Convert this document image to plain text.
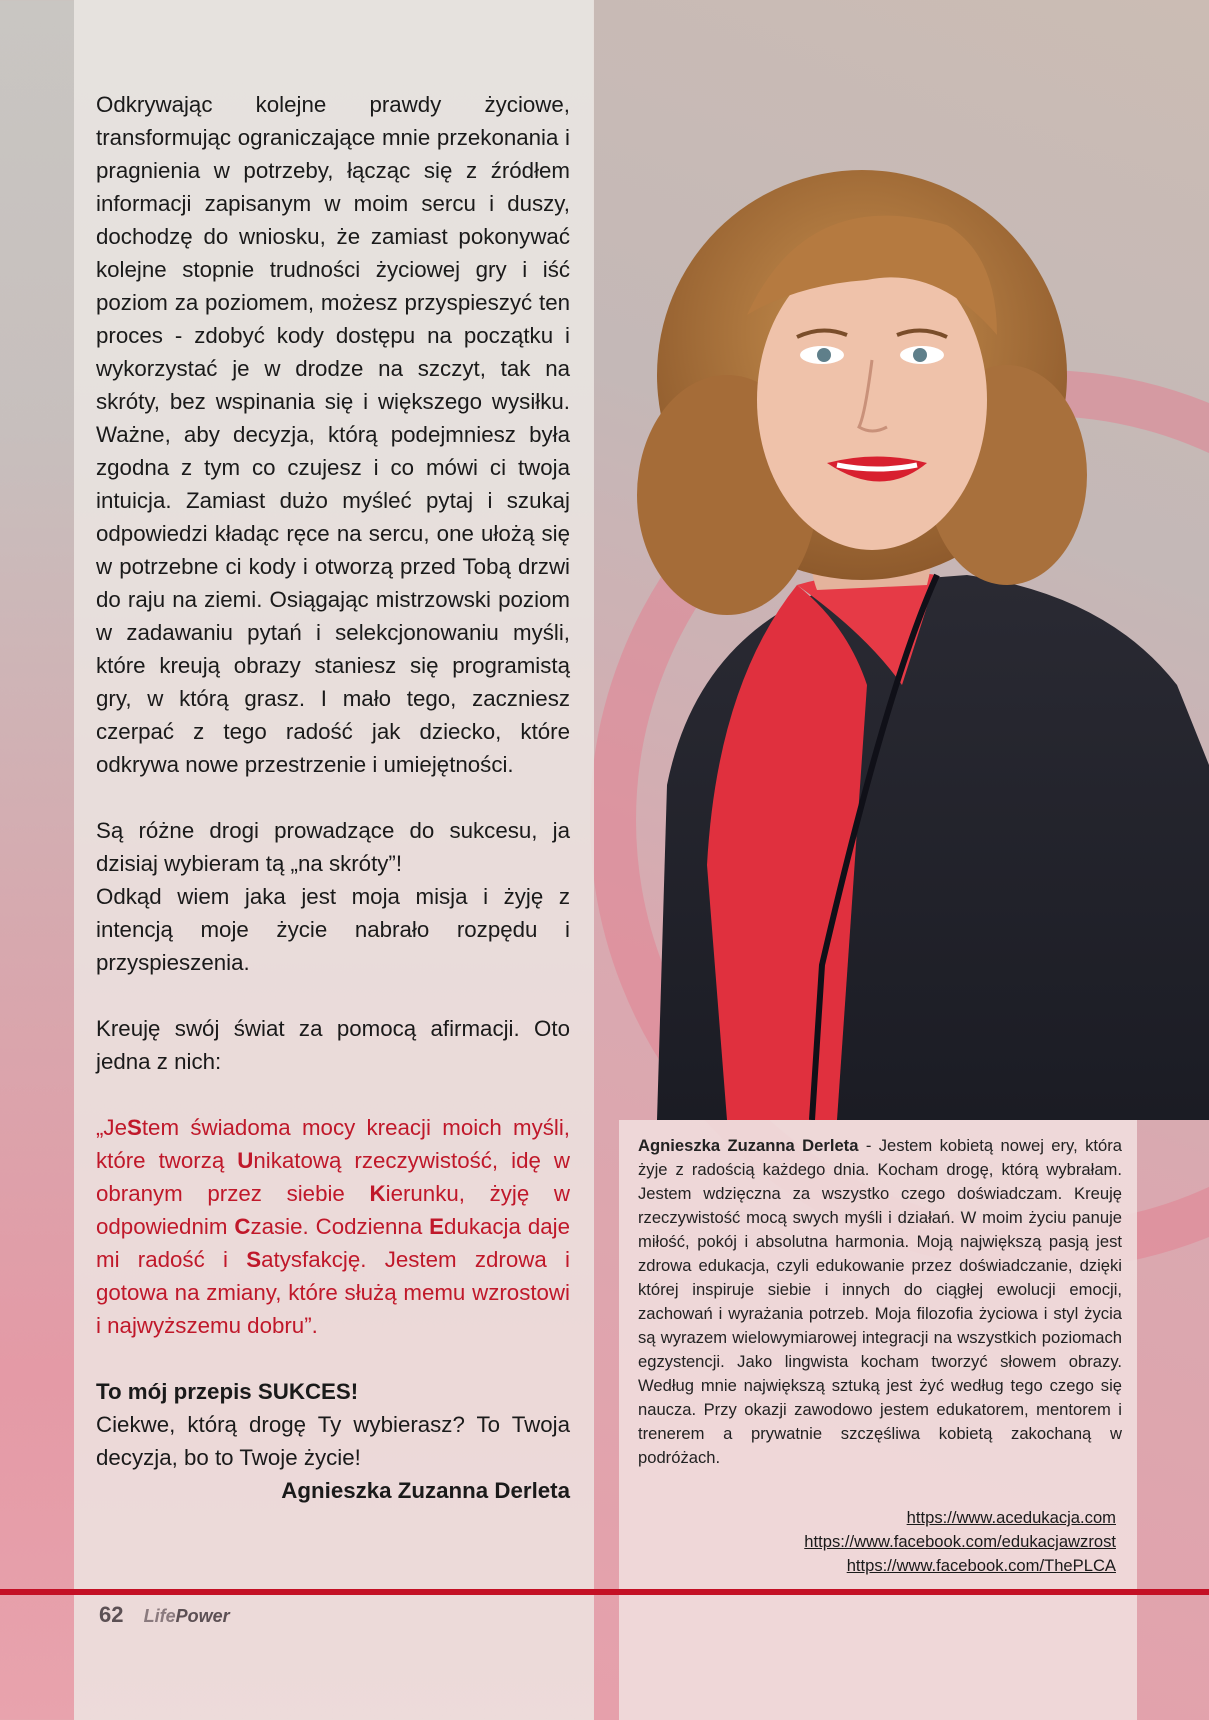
Odkrywając kolejne prawdy życiowe, transformując ograniczające mnie przekonania i pragnienia w potrzeby, łącząc się z źródłem informacji zapisanym w moim sercu i duszy, dochodzę do wniosku, że zamiast pokonywać kolejne stopnie trudności życiowej gry i iść poziom za poziomem, możesz przyspieszyć ten proces - zdobyć kody dostępu na początku i wykorzystać je w drodze na szczyt, tak na skróty, bez wspinania się i większego wysiłku. Ważne, aby decyzja, którą podejmniesz była zgodna z tym co czujesz i co mówi ci twoja intuicja. Zamiast dużo myśleć pytaj i szukaj odpowiedzi kładąc ręce na sercu, one ułożą się w potrzebne ci kody i otworzą przed Tobą drzwi do raju na ziemi. Osiągając mistrzowski poziom w zadawaniu pytań i selekcjonowaniu myśli, które kreują obrazy staniesz się programistą gry, w którą grasz. I mało tego, zaczniesz czerpać z tego radość jak dziecko, które odkrywa nowe przestrzenie i umiejętności.

Są różne drogi prowadzące do sukcesu, ja dzisiaj wybieram tą „na skróty”!

Odkąd wiem jaka jest moja misja i żyję z intencją moje życie nabrało rozpędu i przyspieszenia.

Kreuję swój świat za pomocą afirmacji. Oto jedna z nich:

„JeStem świadoma mocy kreacji moich myśli, które tworzą Unikatową rzeczywistość, idę w obranym przez siebie Kierunku, żyję w odpowiednim Czasie. Codzienna Edukacja daje mi radość i Satysfakcję. Jestem zdrowa i gotowa na zmiany, które służą memu wzrostowi i najwyższemu dobru”.

To mój przepis SUKCES!

Ciekwe, którą drogę Ty wybierasz? To Twoja decyzja, bo to Twoje życie!

Agnieszka Zuzanna Derleta

Agnieszka Zuzanna Derleta - Jestem kobietą nowej ery, która żyje z radością każdego dnia. Kocham drogę, którą wybrałam. Jestem wdzięczna za wszystko czego doświadczam. Kreuję rzeczywistość mocą swych myśli i działań. W moim życiu panuje miłość, pokój i absolutna harmonia. Moją największą pasją jest zdrowa edukacja, czyli edukowanie przez doświadczanie, dzięki której inspiruje siebie i innych do ciągłej ewolucji emocji, zachowań i wyrażania potrzeb. Moja filozofia życiowa i styl życia są wyrazem wielowymiarowej integracji na wszystkich poziomach egzystencji. Jako lingwista kocham tworzyć słowem obrazy. Według mnie największą sztuką jest żyć według tego czego się naucza. Przy okazji zawodowo jestem edukatorem, mentorem i trenerem a prywatnie szczęśliwa kobietą zakochaną w podróżach.
https://www.acedukacja.com
https://www.facebook.com/edukacjawzrost
https://www.facebook.com/ThePLCA
62 LifePower
